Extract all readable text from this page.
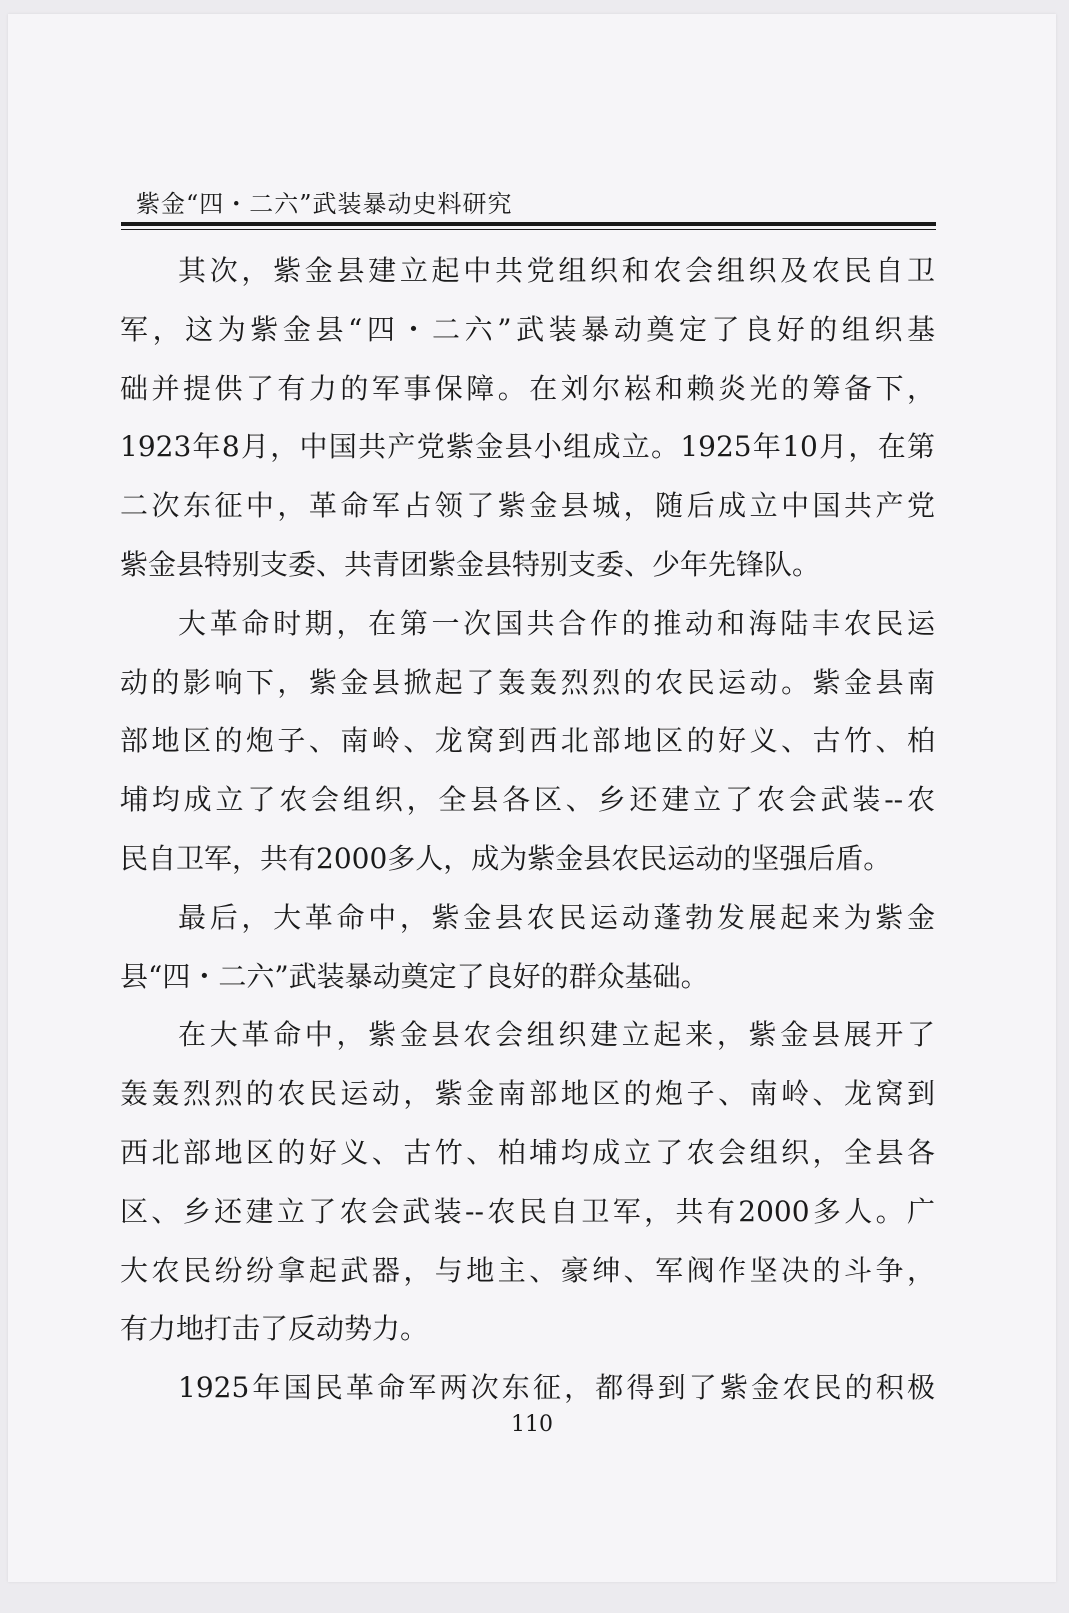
紫金“四・二六”武装暴动史料研究
其次，紫金县建立起中共党组织和农会组织及农民自卫
军，这为紫金县“四・二六”武装暴动奠定了良好的组织基
础并提供了有力的军事保障。在刘尔崧和赖炎光的筹备下，
1923年8月，中国共产党紫金县小组成立。1925年10月，在第
二次东征中，革命军占领了紫金县城，随后成立中国共产党
紫金县特别支委、共青团紫金县特别支委、少年先锋队。
大革命时期，在第一次国共合作的推动和海陆丰农民运
动的影响下，紫金县掀起了轰轰烈烈的农民运动。紫金县南
部地区的炮子、南岭、龙窝到西北部地区的好义、古竹、柏
埔均成立了农会组织，全县各区、乡还建立了农会武装--农
民自卫军，共有2000多人，成为紫金县农民运动的坚强后盾。
最后，大革命中，紫金县农民运动蓬勃发展起来为紫金
县“四・二六”武装暴动奠定了良好的群众基础。
在大革命中，紫金县农会组织建立起来，紫金县展开了
轰轰烈烈的农民运动，紫金南部地区的炮子、南岭、龙窝到
西北部地区的好义、古竹、柏埔均成立了农会组织，全县各
区、乡还建立了农会武装--农民自卫军，共有2000多人。广
大农民纷纷拿起武器，与地主、豪绅、军阀作坚决的斗争，
有力地打击了反动势力。
1925年国民革命军两次东征，都得到了紫金农民的积极
110
